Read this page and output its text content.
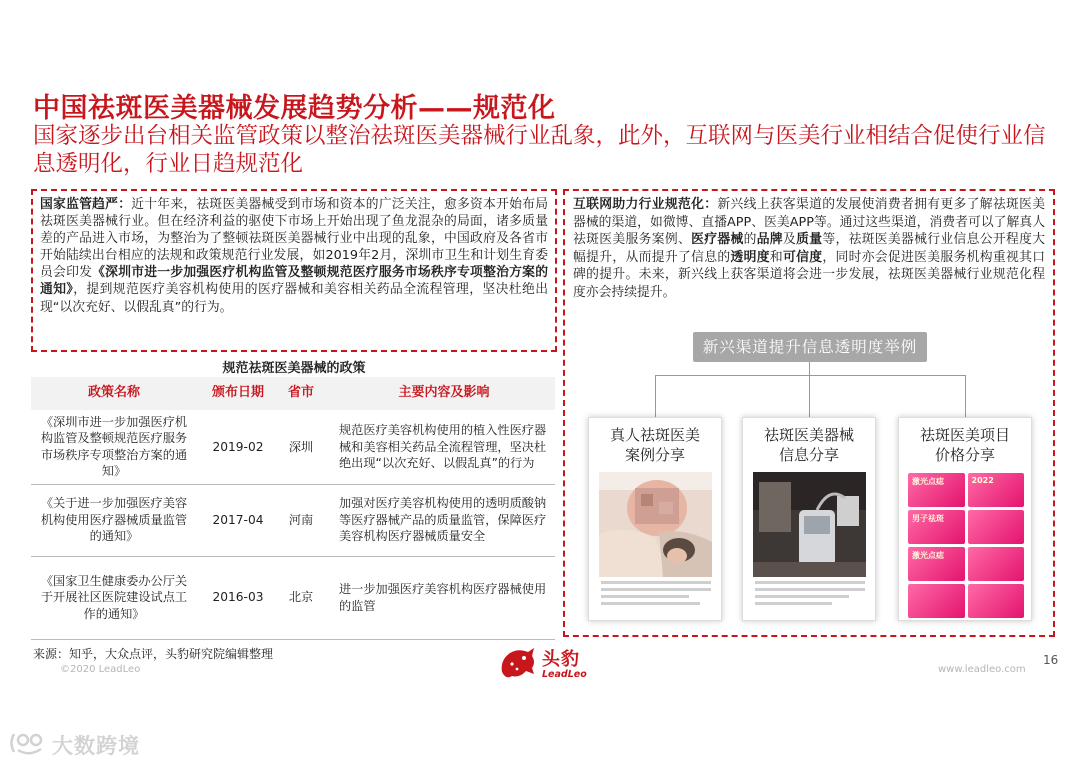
中国祛斑医美器械发展趋势分析——规范化
国家逐步出台相关监管政策以整治祛斑医美器械行业乱象，此外，互联网与医美行业相结合促使行业信息透明化，行业日趋规范化
国家监管趋严：近十年来，祛斑医美器械受到市场和资本的广泛关注，愈多资本开始布局祛斑医美器械行业。但在经济利益的驱使下市场上开始出现了鱼龙混杂的局面，诸多质量差的产品进入市场，为整治为了整顿祛斑医美器械行业中出现的乱象，中国政府及各省市开始陆续出台相应的法规和政策规范行业发展，如2019年2月，深圳市卫生和计划生育委员会印发《深圳市进一步加强医疗机构监管及整顿规范医疗服务市场秩序专项整治方案的通知》，提到规范医疗美容机构使用的医疗器械和美容相关药品全流程管理，坚决杜绝出现“以次充好、以假乱真”的行为。
互联网助力行业规范化：新兴线上获客渠道的发展使消费者拥有更多了解祛斑医美器械的渠道，如微博、直播APP、医美APP等。通过这些渠道，消费者可以了解真人祛斑医美服务案例、医疗器械的品牌及质量等，祛斑医美器械行业信息公开程度大幅提升，从而提升了信息的透明度和可信度，同时亦会促进医美服务机构重视其口碑的提升。未来，新兴线上获客渠道将会进一步发展，祛斑医美器械行业规范化程度亦会持续提升。
新兴渠道提升信息透明度举例
真人祛斑医美
案例分享
祛斑医美器械
信息分享
祛斑医美项目
价格分享
激光点痣	2022
男子祛斑
激光点痣
规范祛斑医美器械的政策
政策名称	颁布日期	省市	主要内容及影响
《深圳市进一步加强医疗机构监管及整顿规范医疗服务市场秩序专项整治方案的通知》	2019-02	深圳	规范医疗美容机构使用的植入性医疗器械和美容相关药品全流程管理，坚决杜绝出现“以次充好、以假乱真”的行为
《关于进一步加强医疗美容机构使用医疗器械质量监管的通知》	2017-04	河南	加强对医疗美容机构使用的透明质酸钠等医疗器械产品的质量监管，保障医疗美容机构医疗器械质量安全
《国家卫生健康委办公厅关于开展社区医院建设试点工作的通知》	2016-03	北京	进一步加强医疗美容机构医疗器械使用的监管
来源：知乎，大众点评，头豹研究院编辑整理
©2020 LeadLeo	头豹
LeadLeo	www.leadleo.com
16
大数跨境
